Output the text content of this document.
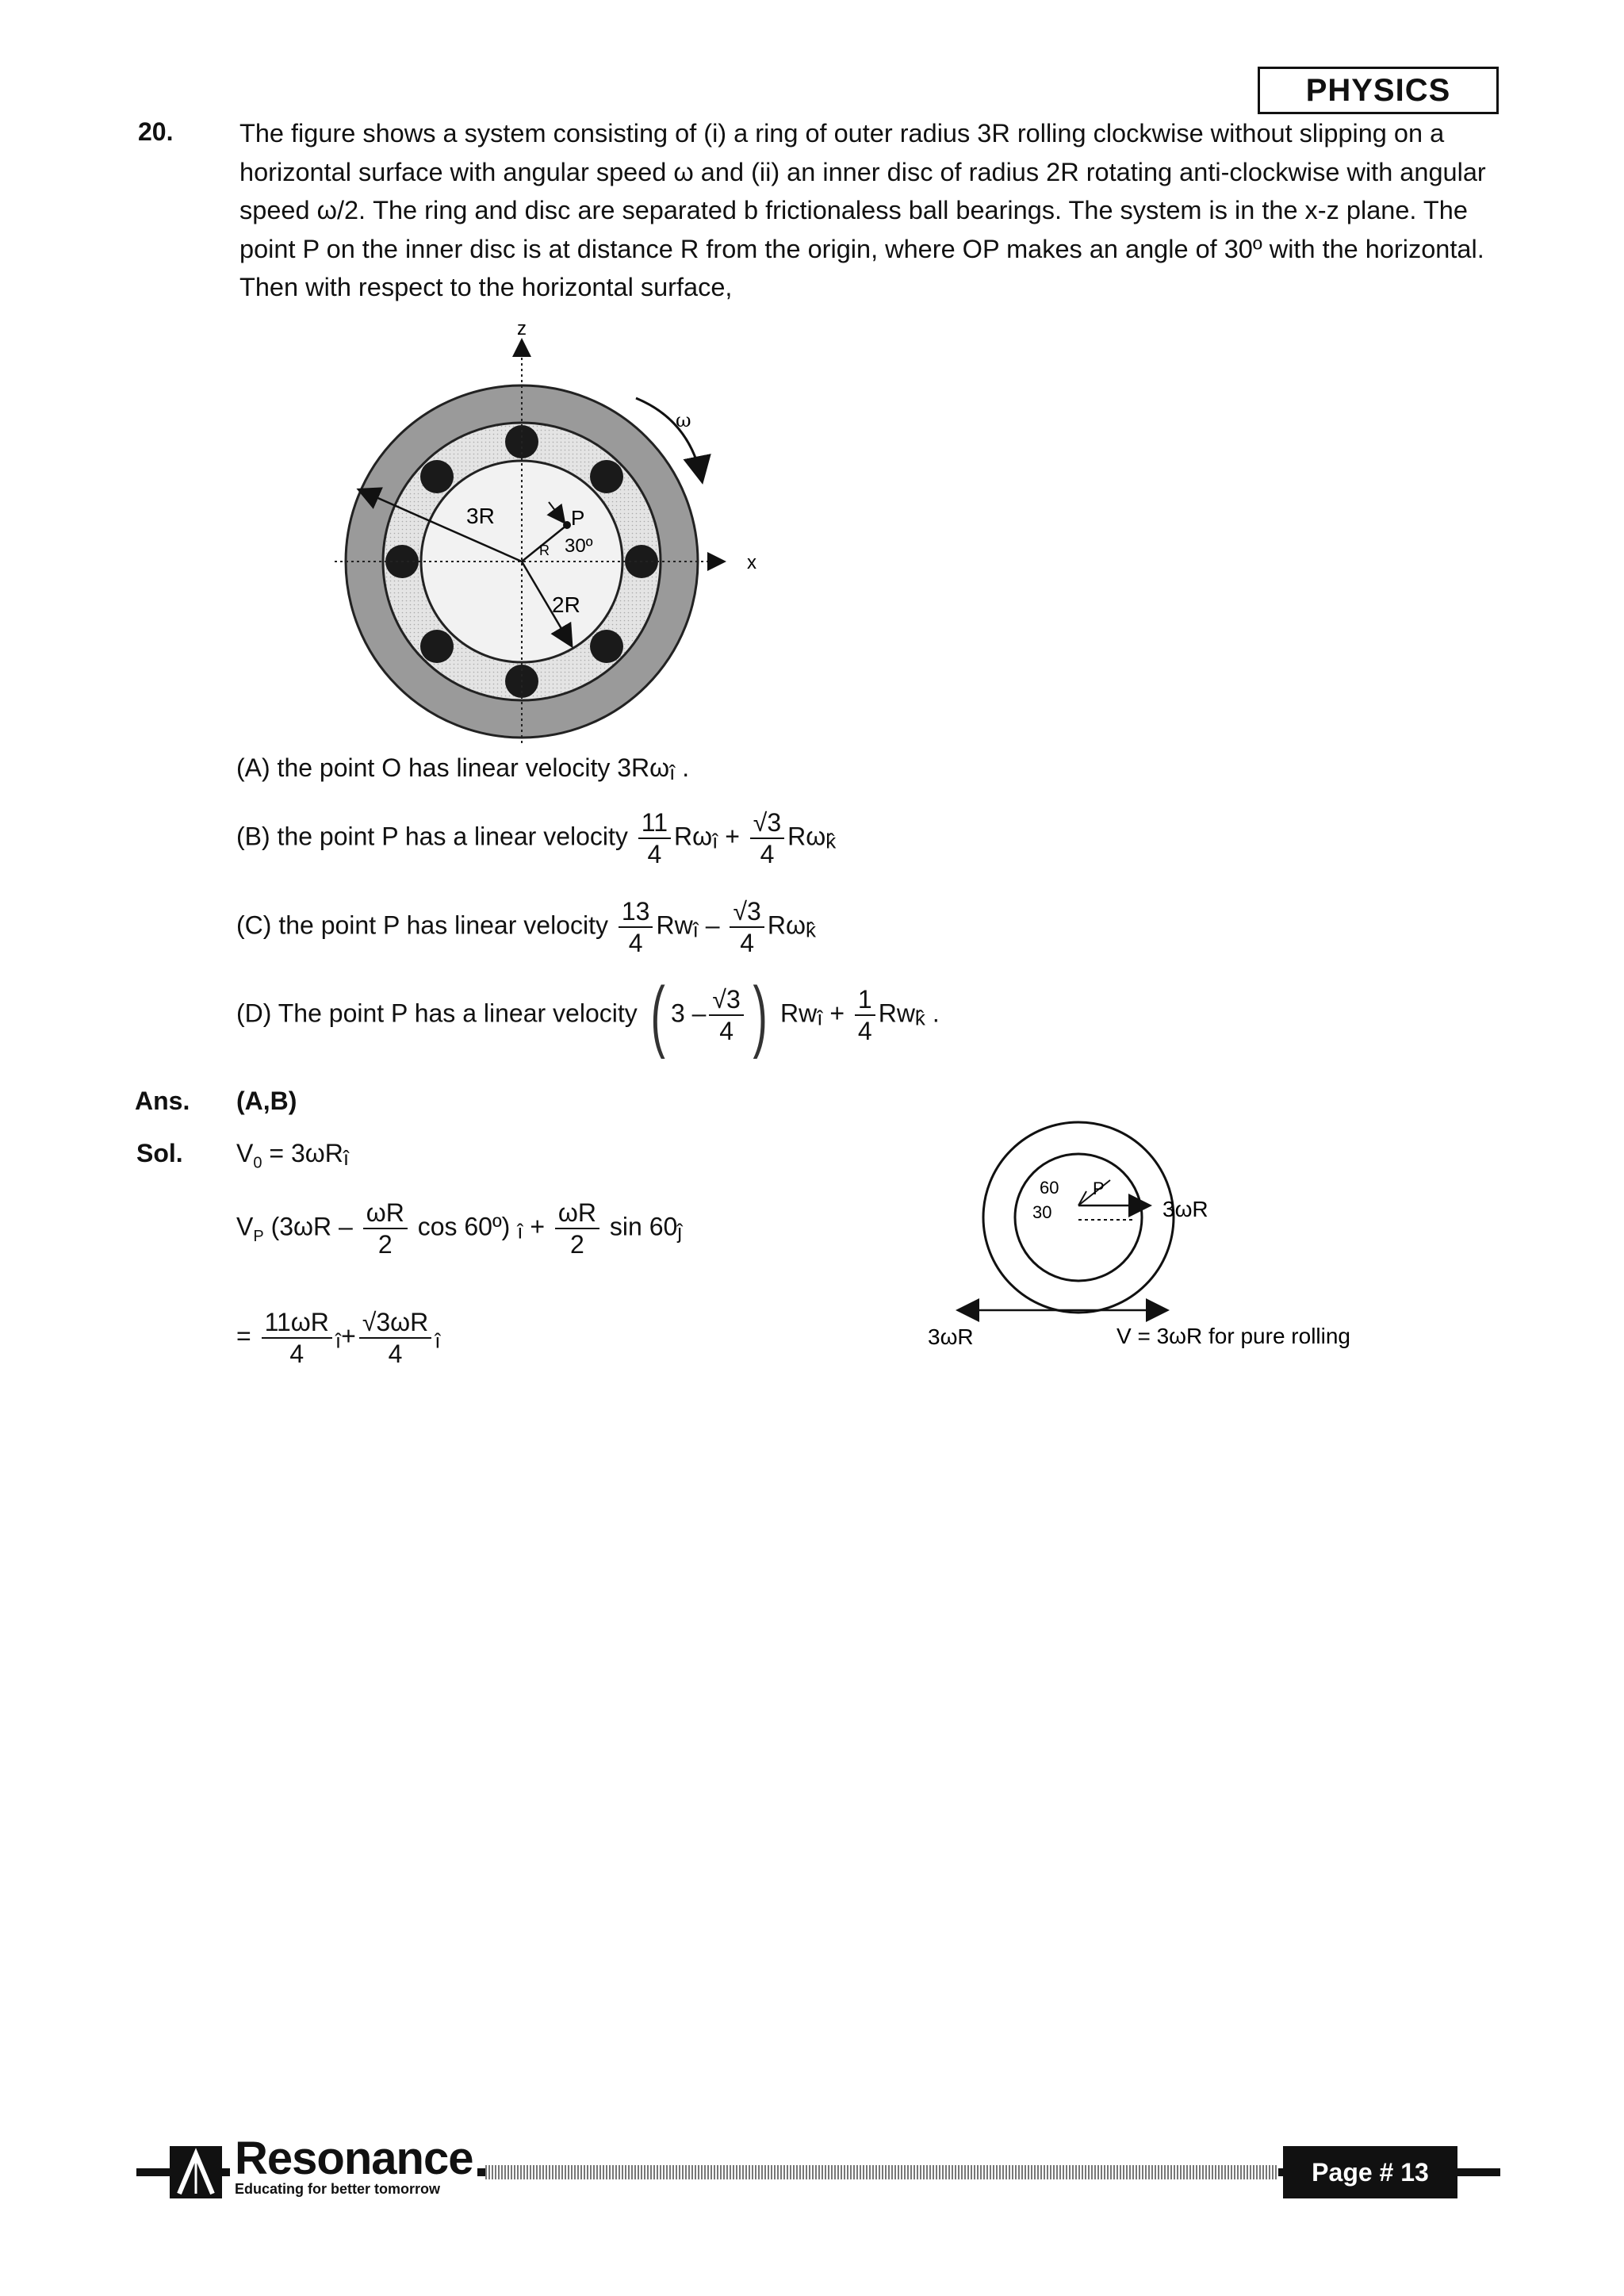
PHYSICS
20.	The figure shows a system consisting of (i) a ring of outer radius 3R rolling clockwise without slipping on a

horizontal surface with angular speed ω and (ii) an inner disc of radius 2R rotating anti-clockwise with angular

speed ω/2. The ring and disc are separated b frictionaless ball bearings. The system is in the x-z plane. The

point P on the inner disc is at distance R from the origin, where OP makes an angle of 30º with the horizontal.

Then with respect to the horizontal surface,

z
x
3R
2R
P
R 30º
ω
(A) the point O has linear velocity 3Rωî .
(B) the point P has a linear velocity $\frac{11}{4}$ Rωî + $\frac{√3}{4}$ Rωk̂
(C) the point P has linear velocity $\frac{13}{4}$ Rwî – $\frac{√3}{4}$ Rωk̂
(D) The point P has a linear velocity ( $3 - \frac{√3}{4}$ ) Rwî + $\frac{1}{4}$ Rwk̂ .
Ans. (A,B)
Sol. $V_0$ = 3ωRî
$V_P$ ($3\omega R - \frac{\omega R}{2}$ cos 60º) î + $\frac{\omega R}{2}$ sin 60ĵ
= $\frac{11\omega R}{4}$ î+ $\frac{√3\omega R}{4}$ î
60
30
P
3ωR
3ωR	V = 3ωR for pure rolling
Resonance
Educating for better tomorrow
Page # 13
